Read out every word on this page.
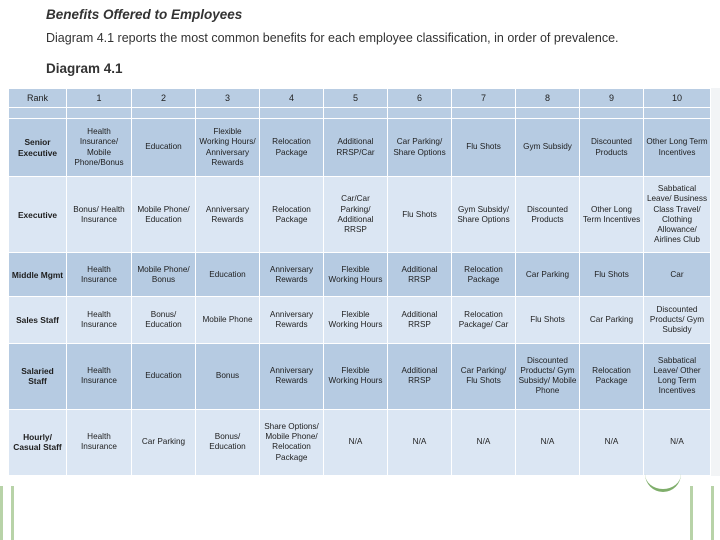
Benefits Offered to Employees
Diagram 4.1 reports the most common benefits for each employee classification, in order of prevalence.
Diagram 4.1
Rank	1	2	3	4	5	6	7	8	9	10

Senior Executive	Health Insurance/ Mobile Phone/Bonus	Education	Flexible Working Hours/ Anniversary Rewards	Relocation Package	Additional RRSP/Car	Car Parking/ Share Options	Flu Shots	Gym Subsidy	Discounted Products	Other Long Term Incentives
Executive	Bonus/ Health Insurance	Mobile Phone/ Education	Anniversary Rewards	Relocation Package	Car/Car Parking/ Additional RRSP	Flu Shots	Gym Subsidy/ Share Options	Discounted Products	Other Long Term Incentives	Sabbatical Leave/ Business Class Travel/ Clothing Allowance/ Airlines Club
Middle Mgmt	Health Insurance	Mobile Phone/ Bonus	Education	Anniversary Rewards	Flexible Working Hours	Additional RRSP	Relocation Package	Car Parking	Flu Shots	Car
Sales Staff	Health Insurance	Bonus/ Education	Mobile Phone	Anniversary Rewards	Flexible Working Hours	Additional RRSP	Relocation Package/ Car	Flu Shots	Car Parking	Discounted Products/ Gym Subsidy
Salaried Staff	Health Insurance	Education	Bonus	Anniversary Rewards	Flexible Working Hours	Additional RRSP	Car Parking/ Flu Shots	Discounted Products/ Gym Subsidy/ Mobile Phone	Relocation Package	Sabbatical Leave/ Other Long Term Incentives
Hourly/ Casual Staff	Health Insurance	Car Parking	Bonus/ Education	Share Options/ Mobile Phone/ Relocation Package	N/A	N/A	N/A	N/A	N/A	N/A
